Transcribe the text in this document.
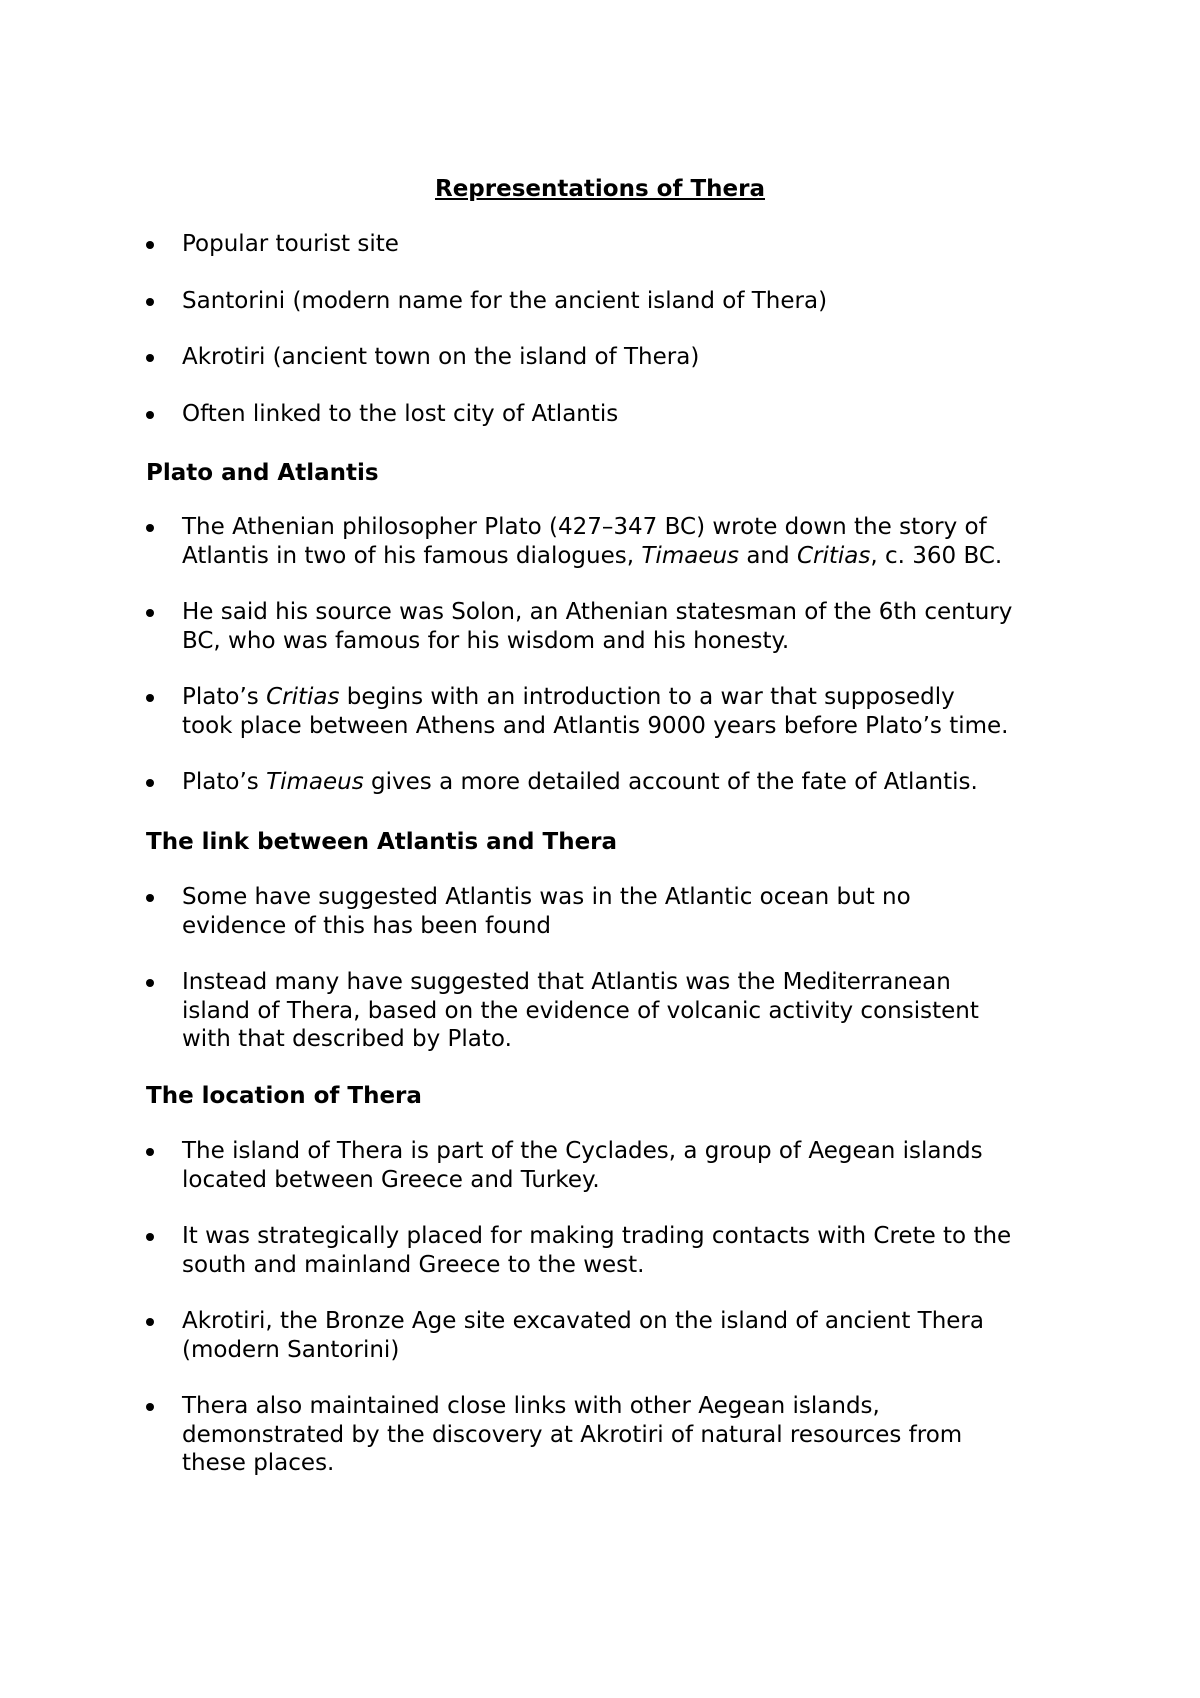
Representations of Thera
Popular tourist site
Santorini (modern name for the ancient island of Thera)
Akrotiri (ancient town on the island of Thera)
Often linked to the lost city of Atlantis
Plato and Atlantis
The Athenian philosopher Plato (427–347 BC) wrote down the story of
Atlantis in two of his famous dialogues, Timaeus and Critias, c. 360 BC.
He said his source was Solon, an Athenian statesman of the 6th century
BC, who was famous for his wisdom and his honesty.
Plato’s Critias begins with an introduction to a war that supposedly
took place between Athens and Atlantis 9000 years before Plato’s time.
Plato’s Timaeus gives a more detailed account of the fate of Atlantis.
The link between Atlantis and Thera
Some have suggested Atlantis was in the Atlantic ocean but no
evidence of this has been found
Instead many have suggested that Atlantis was the Mediterranean
island of Thera, based on the evidence of volcanic activity consistent
with that described by Plato.
The location of Thera
The island of Thera is part of the Cyclades, a group of Aegean islands
located between Greece and Turkey.
It was strategically placed for making trading contacts with Crete to the
south and mainland Greece to the west.
Akrotiri, the Bronze Age site excavated on the island of ancient Thera
(modern Santorini)
Thera also maintained close links with other Aegean islands,
demonstrated by the discovery at Akrotiri of natural resources from
these places.
